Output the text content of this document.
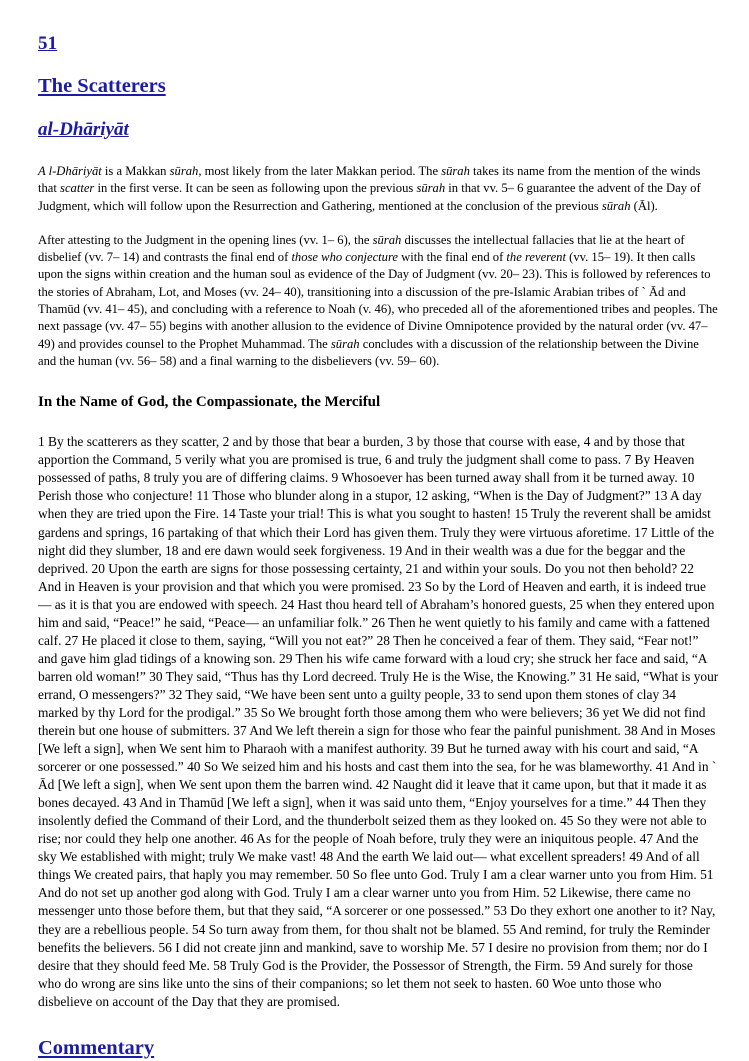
51
The Scatterers
al-Dhāriyāt

A l-Dhāriyāt is a Makkan sūrah, most likely from the later Makkan period. The sūrah takes its name from the mention of the winds that scatter in the first verse. It can be seen as following upon the previous sūrah in that vv. 5– 6 guarantee the advent of the Day of Judgment, which will follow upon the Resurrection and Gathering, mentioned at the conclusion of the previous sūrah (Āl).

After attesting to the Judgment in the opening lines (vv. 1– 6), the sūrah discusses the intellectual fallacies that lie at the heart of disbelief (vv. 7– 14) and contrasts the final end of those who conjecture with the final end of the reverent (vv. 15– 19). It then calls upon the signs within creation and the human soul as evidence of the Day of Judgment (vv. 20– 23). This is followed by references to the stories of Abraham, Lot, and Moses (vv. 24– 40), transitioning into a discussion of the pre-Islamic Arabian tribes of ` Ād and Thamūd (vv. 41– 45), and concluding with a reference to Noah (v. 46), who preceded all of the aforementioned tribes and peoples. The next passage (vv. 47– 55) begins with another allusion to the evidence of Divine Omnipotence provided by the natural order (vv. 47– 49) and provides counsel to the Prophet Muhammad. The sūrah concludes with a discussion of the relationship between the Divine and the human (vv. 56– 58) and a final warning to the disbelievers (vv. 59– 60).

In the Name of God, the Compassionate, the Merciful

1 By the scatterers as they scatter, 2 and by those that bear a burden, 3 by those that course with ease, 4 and by those that apportion the Command, 5 verily what you are promised is true, 6 and truly the judgment shall come to pass. 7 By Heaven possessed of paths, 8 truly you are of differing claims. 9 Whosoever has been turned away shall from it be turned away. 10 Perish those who conjecture! 11 Those who blunder along in a stupor, 12 asking, “When is the Day of Judgment?” 13 A day when they are tried upon the Fire. 14 Taste your trial! This is what you sought to hasten! 15 Truly the reverent shall be amidst gardens and springs, 16 partaking of that which their Lord has given them. Truly they were virtuous aforetime. 17 Little of the night did they slumber, 18 and ere dawn would seek forgiveness. 19 And in their wealth was a due for the beggar and the deprived. 20 Upon the earth are signs for those possessing certainty, 21 and within your souls. Do you not then behold? 22 And in Heaven is your provision and that which you were promised. 23 So by the Lord of Heaven and earth, it is indeed true— as it is that you are endowed with speech. 24 Hast thou heard tell of Abraham’s honored guests, 25 when they entered upon him and said, “Peace!” he said, “Peace— an unfamiliar folk.” 26 Then he went quietly to his family and came with a fattened calf. 27 He placed it close to them, saying, “Will you not eat?” 28 Then he conceived a fear of them. They said, “Fear not!” and gave him glad tidings of a knowing son. 29 Then his wife came forward with a loud cry; she struck her face and said, “A barren old woman!” 30 They said, “Thus has thy Lord decreed. Truly He is the Wise, the Knowing.” 31 He said, “What is your errand, O messengers?” 32 They said, “We have been sent unto a guilty people, 33 to send upon them stones of clay 34 marked by thy Lord for the prodigal.” 35 So We brought forth those among them who were believers; 36 yet We did not find therein but one house of submitters. 37 And We left therein a sign for those who fear the painful punishment. 38 And in Moses [We left a sign], when We sent him to Pharaoh with a manifest authority. 39 But he turned away with his court and said, “A sorcerer or one possessed.” 40 So We seized him and his hosts and cast them into the sea, for he was blameworthy. 41 And in ` Ād [We left a sign], when We sent upon them the barren wind. 42 Naught did it leave that it came upon, but that it made it as bones decayed. 43 And in Thamūd [We left a sign], when it was said unto them, “Enjoy yourselves for a time.” 44 Then they insolently defied the Command of their Lord, and the thunderbolt seized them as they looked on. 45 So they were not able to rise; nor could they help one another. 46 As for the people of Noah before, truly they were an iniquitous people. 47 And the sky We established with might; truly We make vast! 48 And the earth We laid out— what excellent spreaders! 49 And of all things We created pairs, that haply you may remember. 50 So flee unto God. Truly I am a clear warner unto you from Him. 51 And do not set up another god along with God. Truly I am a clear warner unto you from Him. 52 Likewise, there came no messenger unto those before them, but that they said, “A sorcerer or one possessed.” 53 Do they exhort one another to it? Nay, they are a rebellious people. 54 So turn away from them, for thou shalt not be blamed. 55 And remind, for truly the Reminder benefits the believers. 56 I did not create jinn and mankind, save to worship Me. 57 I desire no provision from them; nor do I desire that they should feed Me. 58 Truly God is the Provider, the Possessor of Strength, the Firm. 59 And surely for those who do wrong are sins like unto the sins of their companions; so let them not seek to hasten. 60 Woe unto those who disbelieve on account of the Day that they are promised.

Commentary
